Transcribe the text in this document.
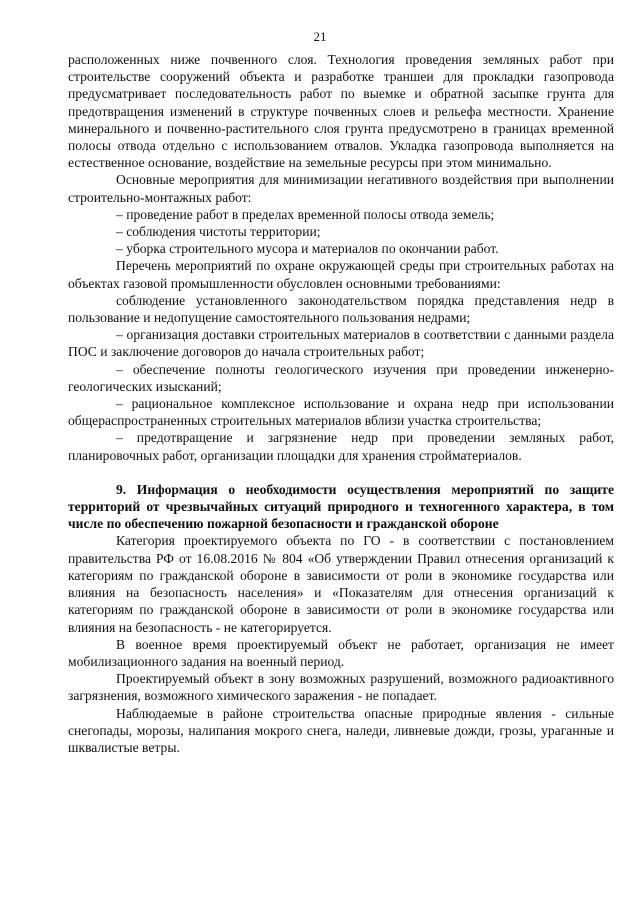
21

расположенных ниже почвенного слоя. Технология проведения земляных работ при строительстве сооружений объекта и разработке траншеи для прокладки газопровода предусматривает последовательность работ по выемке и обратной засыпке грунта для предотвращения изменений в структуре почвенных слоев и рельефа местности. Хранение минерального и почвенно-растительного слоя грунта предусмотрено в границах временной полосы отвода отдельно с использованием отвалов. Укладка газопровода выполняется на естественное основание, воздействие на земельные ресурсы при этом минимально.

Основные мероприятия для минимизации негативного воздействия при выполнении строительно-монтажных работ:

– проведение работ в пределах временной полосы отвода земель;

– соблюдения чистоты территории;

– уборка строительного мусора и материалов по окончании работ.

Перечень мероприятий по охране окружающей среды при строительных работах на объектах газовой промышленности обусловлен основными требованиями:

соблюдение установленного законодательством порядка представления недр в пользование и недопущение самостоятельного пользования недрами;

– организация доставки строительных материалов в соответствии с данными раздела ПОС и заключение договоров до начала строительных работ;

– обеспечение полноты геологического изучения при проведении инженерно-геологических изысканий;

– рациональное комплексное использование и охрана недр при использовании общераспространенных строительных материалов вблизи участка строительства;

– предотвращение и загрязнение недр при проведении земляных работ, планировочных работ, организации площадки для хранения стройматериалов.

9. Информация о необходимости осуществления мероприятий по защите территорий от чрезвычайных ситуаций природного и техногенного характера, в том числе по обеспечению пожарной безопасности и гражданской обороне

Категория проектируемого объекта по ГО - в соответствии с постановлением правительства РФ от 16.08.2016 № 804 «Об утверждении Правил отнесения организаций к категориям по гражданской обороне в зависимости от роли в экономике государства или влияния на безопасность населения» и «Показателям для отнесения организаций к категориям по гражданской обороне в зависимости от роли в экономике государства или влияния на безопасность - не категорируется.

В военное время проектируемый объект не работает, организация не имеет мобилизационного задания на военный период.

Проектируемый объект в зону возможных разрушений, возможного радиоактивного загрязнения, возможного химического заражения - не попадает.

Наблюдаемые в районе строительства опасные природные явления - сильные снегопады, морозы, налипания мокрого снега, наледи, ливневые дожди, грозы, ураганные и шквалистые ветры.
